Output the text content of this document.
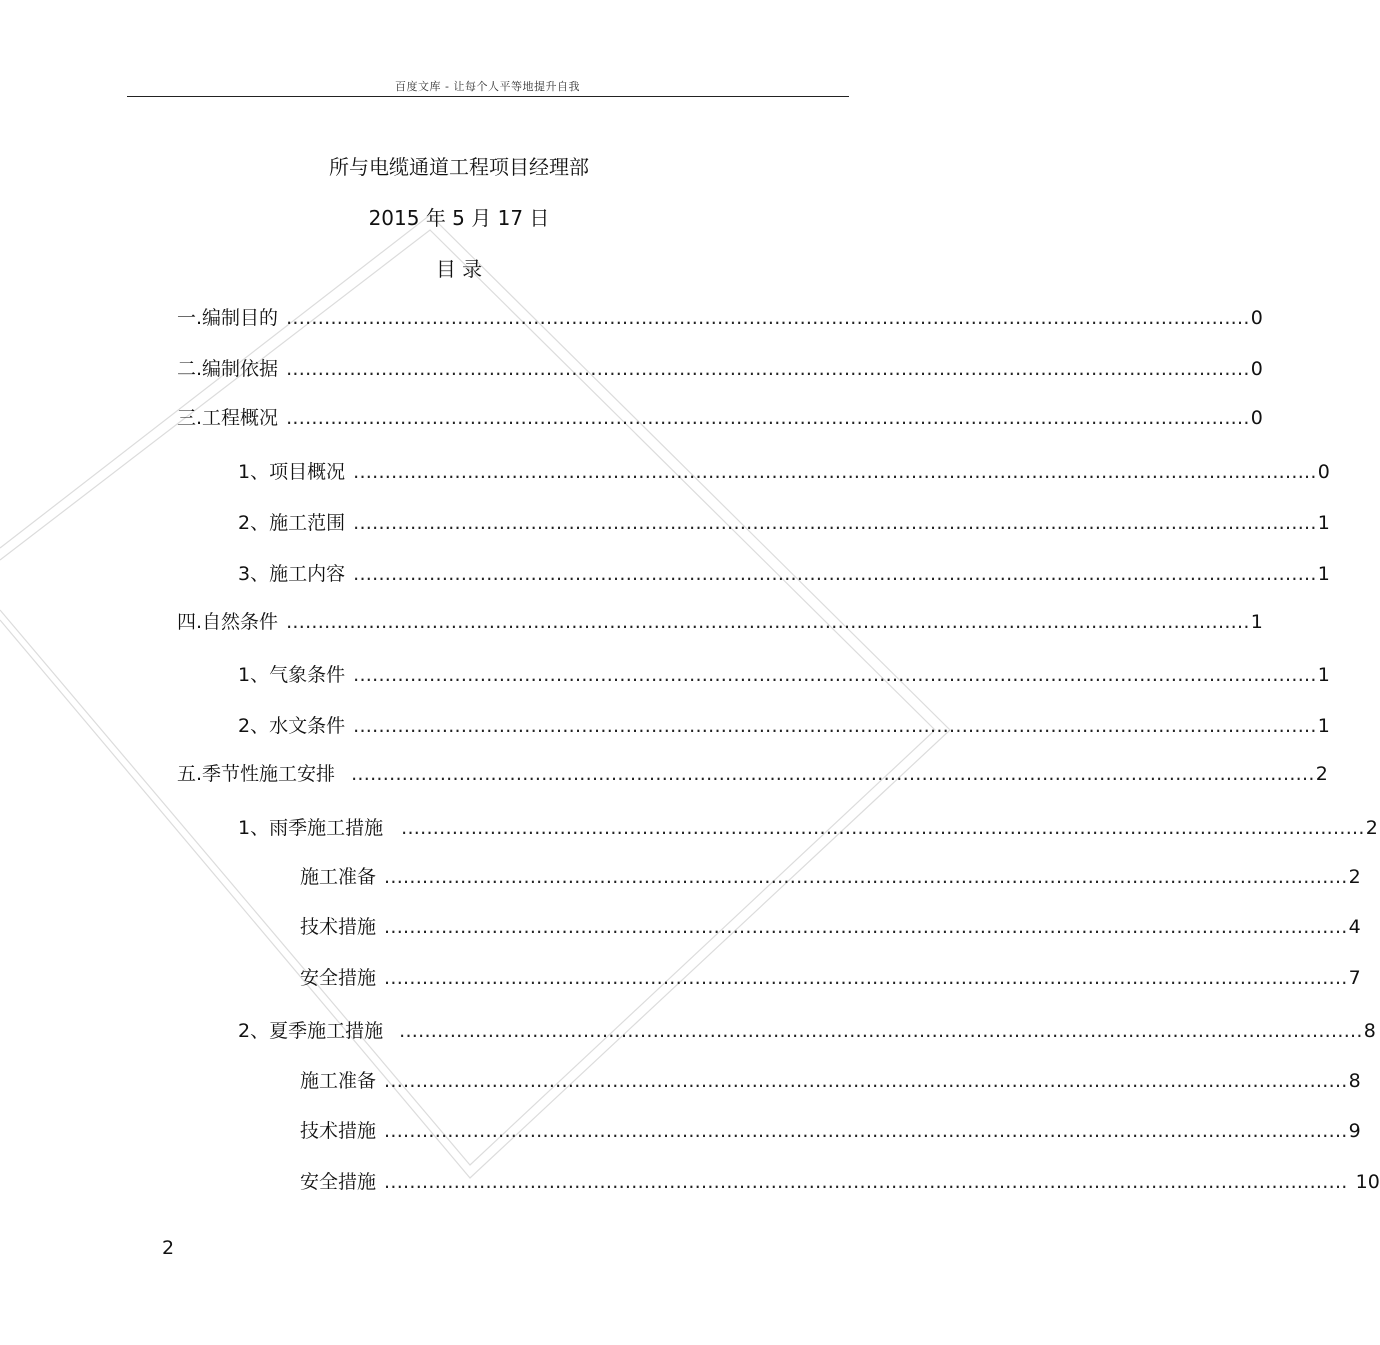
百度文库 - 让每个人平等地提升自我
所与电缆通道工程项目经理部
2015 年 5 月 17 日
目 录
一. 编制目的 ........................................................................................................................................................ 0
二. 编制依据 ........................................................................................................................................................ 0
三. 工程概况 ........................................................................................................................................................ 0
1、 项目概况 ........................................................................................................................................................ 0
2、 施工范围 ........................................................................................................................................................ 1
3、 施工内容 ........................................................................................................................................................ 1
四. 自然条件 ........................................................................................................................................................ 1
1、 气象条件 ........................................................................................................................................................ 1
2、 水文条件 ........................................................................................................................................................ 1
五. 季节性施工安排 ........................................................................................................................................................ 2
1、 雨季施工措施 ........................................................................................................................................................ 2
施工准备 ........................................................................................................................................................ 2
技术措施 ........................................................................................................................................................ 4
安全措施 ........................................................................................................................................................ 7
2、 夏季施工措施 ........................................................................................................................................................ 8
施工准备 ........................................................................................................................................................ 8
技术措施 ........................................................................................................................................................ 9
安全措施 ........................................................................................................................................................ 10
2
